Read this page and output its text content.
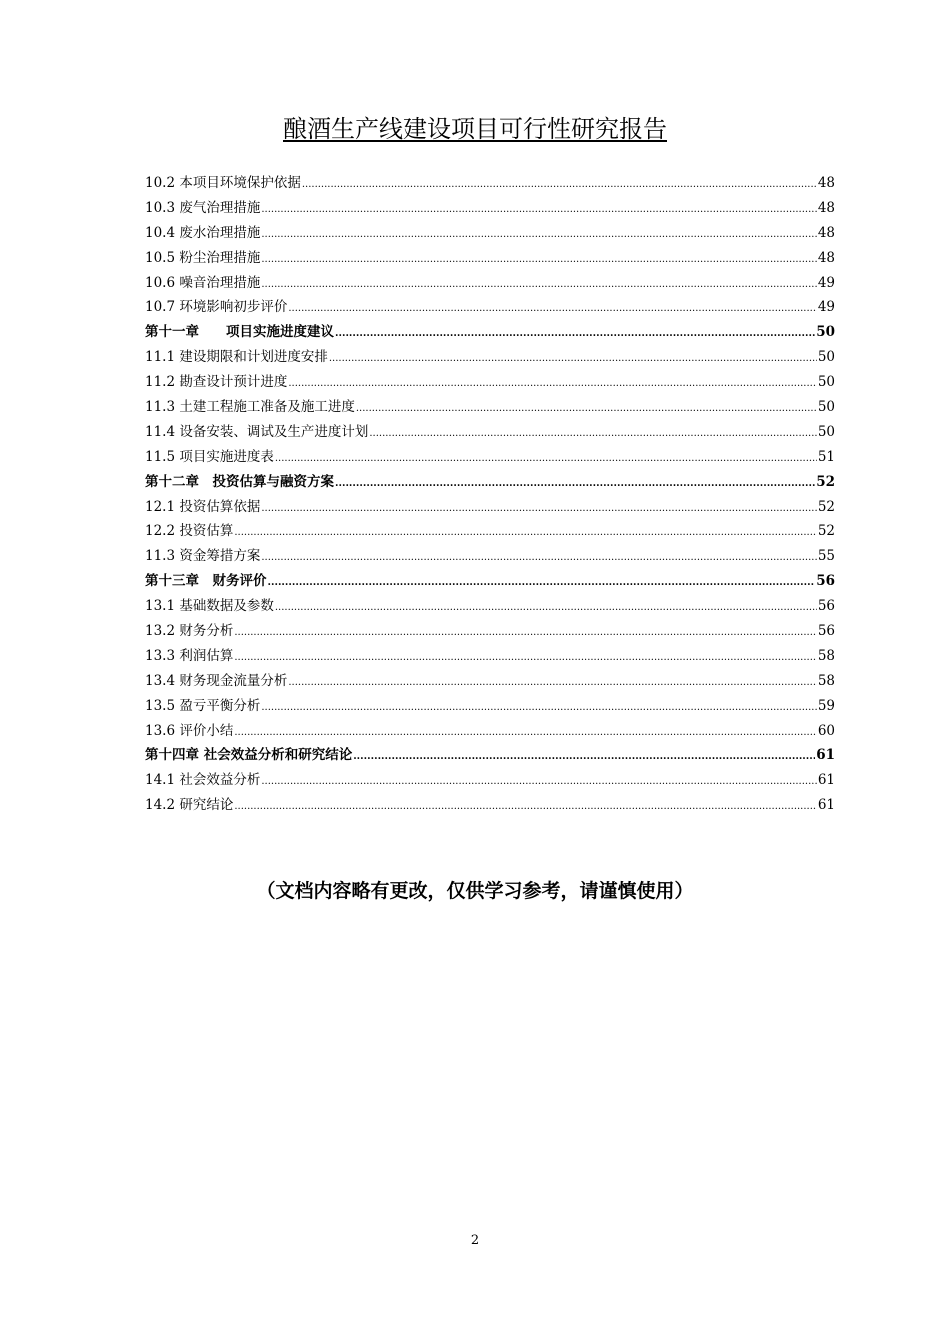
酿酒生产线建设项目可行性研究报告
10.2 本项目环境保护依据 .....	48
10.3 废气治理措施 .....	48
10.4 废水治理措施 .....	48
10.5 粉尘治理措施 .....	48
10.6 噪音治理措施 .....	49
10.7 环境影响初步评价 .....	49
第十一章  项目实施进度建议 .....	50
11.1 建设期限和计划进度安排 .....	50
11.2 勘查设计预计进度 .....	50
11.3 土建工程施工准备及施工进度 .....	50
11.4 设备安装、调试及生产进度计划 .....	50
11.5 项目实施进度表 .....	51
第十二章 投资估算与融资方案 .....	52
12.1 投资估算依据 .....	52
12.2 投资估算 .....	52
11.3 资金筹措方案 .....	55
第十三章 财务评价 .....	56
13.1 基础数据及参数 .....	56
13.2 财务分析 .....	56
13.3 利润估算 .....	58
13.4 财务现金流量分析 .....	58
13.5 盈亏平衡分析 .....	59
13.6 评价小结 .....	60
第十四章 社会效益分析和研究结论 .....	61
14.1 社会效益分析 .....	61
14.2 研究结论 .....	61
（文档内容略有更改，仅供学习参考，请谨慎使用）
2
